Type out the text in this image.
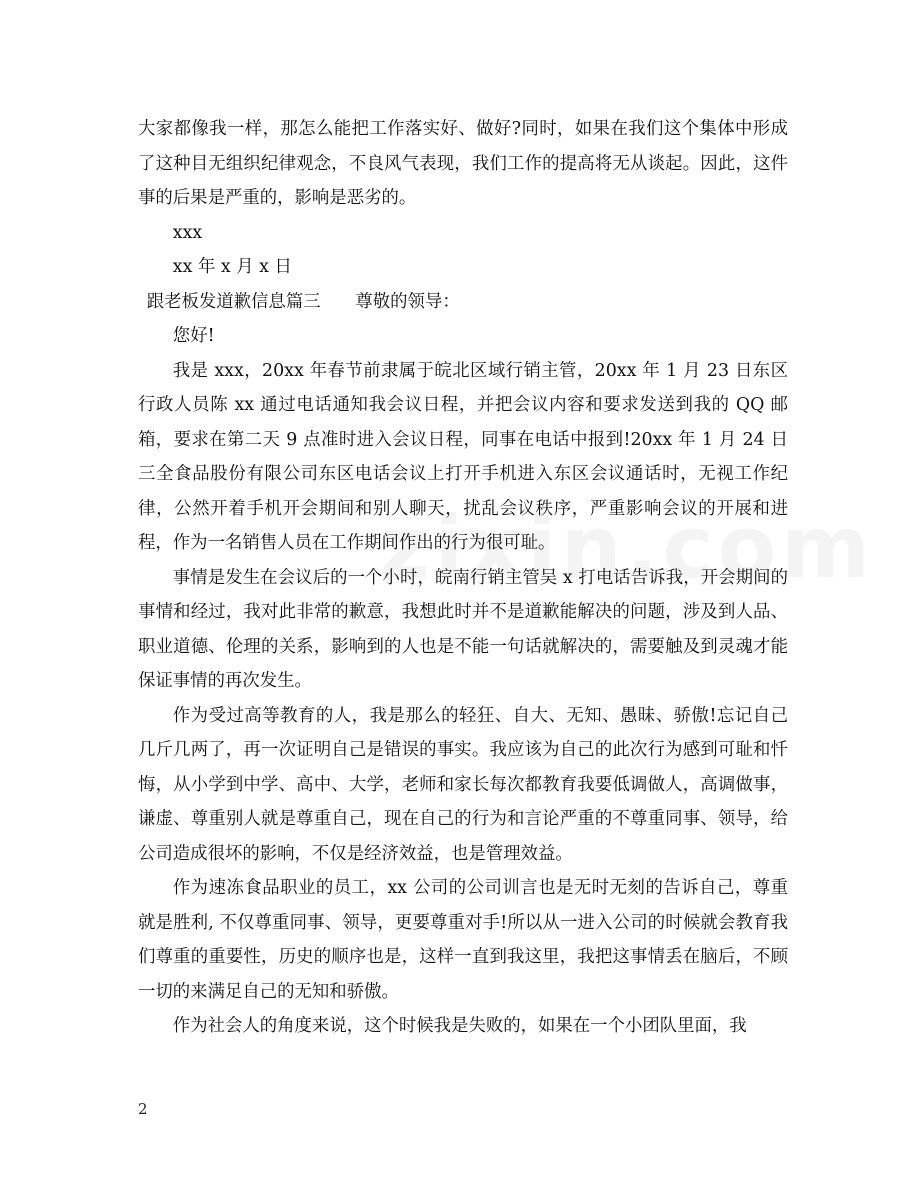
大家都像我一样，那怎么能把工作落实好、做好?同时，如果在我们这个集体中形成了这种目无组织纪律观念，不良风气表现，我们工作的提高将无从谈起。因此，这件事的后果是严重的，影响是恶劣的。

xxx

xx 年 x 月 x 日

跟老板发道歉信息篇三　　尊敬的领导：

您好!

我是 xxx，20xx 年春节前隶属于皖北区域行销主管，20xx 年 1 月 23 日东区行政人员陈 xx 通过电话通知我会议日程，并把会议内容和要求发送到我的 QQ 邮箱，要求在第二天 9 点准时进入会议日程，同事在电话中报到!20xx 年 1 月 24 日三全食品股份有限公司东区电话会议上打开手机进入东区会议通话时，无视工作纪律，公然开着手机开会期间和别人聊天，扰乱会议秩序，严重影响会议的开展和进程，作为一名销售人员在工作期间作出的行为很可耻。

事情是发生在会议后的一个小时，皖南行销主管吴 x 打电话告诉我，开会期间的事情和经过，我对此非常的歉意，我想此时并不是道歉能解决的问题，涉及到人品、职业道德、伦理的关系，影响到的人也是不能一句话就解决的，需要触及到灵魂才能保证事情的再次发生。

作为受过高等教育的人，我是那么的轻狂、自大、无知、愚昧、骄傲!忘记自己几斤几两了，再一次证明自己是错误的事实。我应该为自己的此次行为感到可耻和忏悔，从小学到中学、高中、大学，老师和家长每次都教育我要低调做人，高调做事，谦虚、尊重别人就是尊重自己，现在自己的行为和言论严重的不尊重同事、领导，给公司造成很坏的影响，不仅是经济效益，也是管理效益。

作为速冻食品职业的员工，xx 公司的公司训言也是无时无刻的告诉自己，尊重就是胜利, 不仅尊重同事、领导，更要尊重对手!所以从一进入公司的时候就会教育我们尊重的重要性，历史的顺序也是，这样一直到我这里，我把这事情丢在脑后，不顾一切的来满足自己的无知和骄傲。

作为社会人的角度来说，这个时候我是失败的，如果在一个小团队里面，我

2
